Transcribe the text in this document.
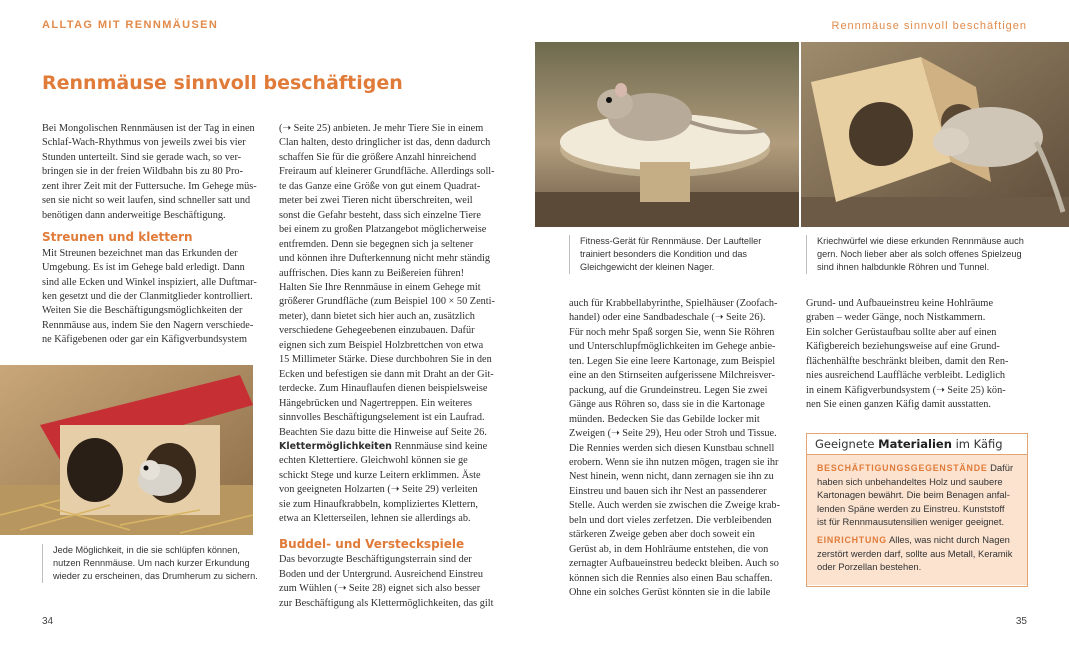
ALLTAG MIT RENNMÄUSEN	Rennmäuse sinnvoll beschäftigen
Rennmäuse sinnvoll beschäftigen

Bei Mongolischen Rennmäusen ist der Tag in einen
Schlaf-Wach-Rhythmus von jeweils zwei bis vier
Stunden unterteilt. Sind sie gerade wach, so ver-
bringen sie in der freien Wildbahn bis zu 80 Pro-
zent ihrer Zeit mit der Futtersuche. Im Gehege müs-
sen sie nicht so weit laufen, sind schneller satt und
benötigen dann anderweitige Beschäftigung.

Streunen und klettern

Mit Streunen bezeichnet man das Erkunden der
Umgebung. Es ist im Gehege bald erledigt. Dann
sind alle Ecken und Winkel inspiziert, alle Duftmar-
ken gesetzt und die der Clanmitglieder kontrolliert.
Weiten Sie die Beschäftigungsmöglichkeiten der
Rennmäuse aus, indem Sie den Nagern verschiede-
ne Käfigebenen oder gar ein Käfigverbundsystem

Jede Möglichkeit, in die sie schlüpfen können,
nutzen Rennmäuse. Um nach kurzer Erkundung
wieder zu erscheinen, das Drumherum zu sichern.

(➝ Seite 25) anbieten. Je mehr Tiere Sie in einem
Clan halten, desto dringlicher ist das, denn dadurch
schaffen Sie für die größere Anzahl hinreichend
Freiraum auf kleinerer Grundfläche. Allerdings soll-
te das Ganze eine Größe von gut einem Quadrat-
meter bei zwei Tieren nicht überschreiten, weil
sonst die Gefahr besteht, dass sich einzelne Tiere
bei einem zu großen Platzangebot möglicherweise
entfremden. Denn sie begegnen sich ja seltener
und können ihre Dufterkennung nicht mehr ständig
auffrischen. Dies kann zu Beißereien führen!
Halten Sie Ihre Rennmäuse in einem Gehege mit
größerer Grundfläche (zum Beispiel 100 × 50 Zenti-
meter), dann bietet sich hier auch an, zusätzlich
verschiedene Gehegeebenen einzubauen. Dafür
eignen sich zum Beispiel Holzbrettchen von etwa
15 Millimeter Stärke. Diese durchbohren Sie in den
Ecken und befestigen sie dann mit Draht an der Git-
terdecke. Zum Hinauflaufen dienen beispielsweise
Hängebrücken und Nagertreppen. Ein weiteres
sinnvolles Beschäftigungselement ist ein Laufrad.
Beachten Sie dazu bitte die Hinweise auf Seite 26.

Klettermöglichkeiten Rennmäuse sind keine
echten Klettertiere. Gleichwohl können sie ge
schickt Stege und kurze Leitern erklimmen. Äste
von geeigneten Holzarten (➝ Seite 29) verleiten
sie zum Hinaufkrabbeln, kompliziertes Klettern,
etwa an Kletterseilen, lehnen sie allerdings ab.

Buddel- und Versteckspiele

Das bevorzugte Beschäftigungsterrain sind der
Boden und der Untergrund. Ausreichend Einstreu
zum Wühlen (➝ Seite 28) eignet sich also besser
zur Beschäftigung als Klettermöglichkeiten, das gilt

Fitness-Gerät für Rennmäuse. Der Laufteller
trainiert besonders die Kondition und das
Gleichgewicht der kleinen Nager.
Kriechwürfel wie diese erkunden Rennmäuse auch
gern. Noch lieber aber als solch offenes Spielzeug
sind ihnen halbdunkle Röhren und Tunnel.

auch für Krabbellabyrinthe, Spielhäuser (Zoofach-
handel) oder eine Sandbadeschale (➝ Seite 26).
Für noch mehr Spaß sorgen Sie, wenn Sie Röhren
und Unterschlupfmöglichkeiten im Gehege anbie-
ten. Legen Sie eine leere Kartonage, zum Beispiel
eine an den Stirnseiten aufgerissene Milchreisver-
packung, auf die Grundeinstreu. Legen Sie zwei
Gänge aus Röhren so, dass sie in die Kartonage
münden. Bedecken Sie das Gebilde locker mit
Zweigen (➝ Seite 29), Heu oder Stroh und Tissue.
Die Rennies werden sich diesen Kunstbau schnell
erobern. Wenn sie ihn nutzen mögen, tragen sie ihr
Nest hinein, wenn nicht, dann zernagen sie ihn zu
Einstreu und bauen sich ihr Nest an passenderer
Stelle. Auch werden sie zwischen die Zweige krab-
beln und dort vieles zerfetzen. Die verbleibenden
stärkeren Zweige geben aber doch soweit ein
Gerüst ab, in dem Hohlräume entstehen, die von
zernagter Aufbaueinstreu bedeckt bleiben. Auch so
können sich die Rennies also einen Bau schaffen.
Ohne ein solches Gerüst könnten sie in die labile

Grund- und Aufbaueinstreu keine Hohlräume
graben – weder Gänge, noch Nistkammern.
Ein solcher Gerüstaufbau sollte aber auf einen
Käfigbereich beziehungsweise auf eine Grund-
flächenhälfte beschränkt bleiben, damit den Ren-
nies ausreichend Lauffläche verbleibt. Lediglich
in einem Käfigverbundsystem (➝ Seite 25) kön-
nen Sie einen ganzen Käfig damit ausstatten.

Geeignete Materialien im Käfig

BESCHÄFTIGUNGSGEGENSTÄNDE Dafür
haben sich unbehandeltes Holz und saubere
Kartonagen bewährt. Die beim Benagen anfal-
lenden Späne werden zu Einstreu. Kunststoff
ist für Rennmausutensilien weniger geeignet.

EINRICHTUNG Alles, was nicht durch Nagen
zerstört werden darf, sollte aus Metall, Keramik
oder Porzellan bestehen.

34	35
